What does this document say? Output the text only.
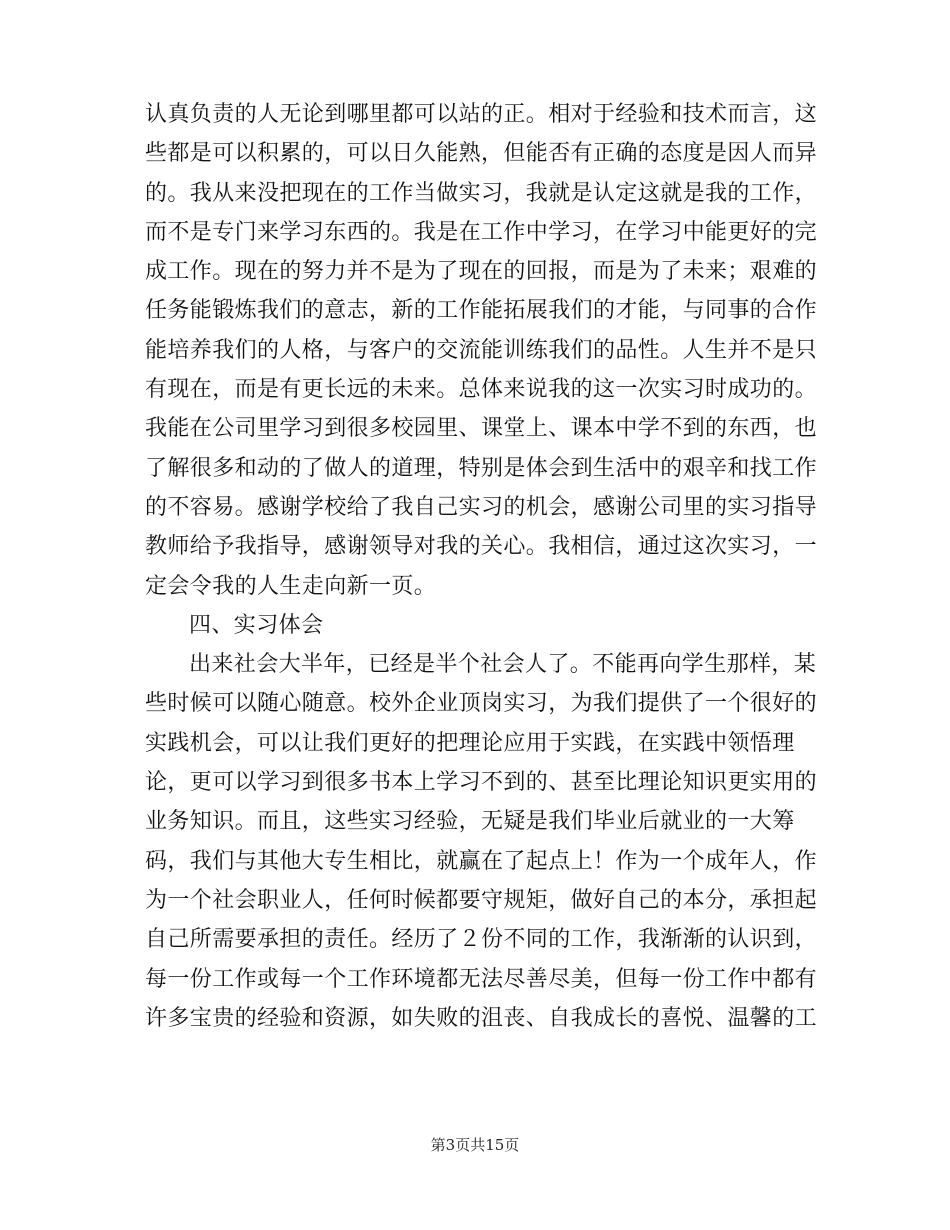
认真负责的人无论到哪里都可以站的正。相对于经验和技术而言，这
些都是可以积累的，可以日久能熟，但能否有正确的态度是因人而异
的。我从来没把现在的工作当做实习，我就是认定这就是我的工作，
而不是专门来学习东西的。我是在工作中学习，在学习中能更好的完
成工作。现在的努力并不是为了现在的回报，而是为了未来；艰难的
任务能锻炼我们的意志，新的工作能拓展我们的才能，与同事的合作
能培养我们的人格，与客户的交流能训练我们的品性。人生并不是只
有现在，而是有更长远的未来。总体来说我的这一次实习时成功的。
我能在公司里学习到很多校园里、课堂上、课本中学不到的东西，也
了解很多和动的了做人的道理，特别是体会到生活中的艰辛和找工作
的不容易。感谢学校给了我自己实习的机会，感谢公司里的实习指导
教师给予我指导，感谢领导对我的关心。我相信，通过这次实习，一
定会令我的人生走向新一页。
四、实习体会
出来社会大半年，已经是半个社会人了。不能再向学生那样，某
些时候可以随心随意。校外企业顶岗实习，为我们提供了一个很好的
实践机会，可以让我们更好的把理论应用于实践，在实践中领悟理
论，更可以学习到很多书本上学习不到的、甚至比理论知识更实用的
业务知识。而且，这些实习经验，无疑是我们毕业后就业的一大筹
码，我们与其他大专生相比，就赢在了起点上！作为一个成年人，作
为一个社会职业人，任何时候都要守规矩，做好自己的本分，承担起
自己所需要承担的责任。经历了２份不同的工作，我渐渐的认识到，
每一份工作或每一个工作环境都无法尽善尽美，但每一份工作中都有
许多宝贵的经验和资源，如失败的沮丧、自我成长的喜悦、温馨的工
第3页共15页
